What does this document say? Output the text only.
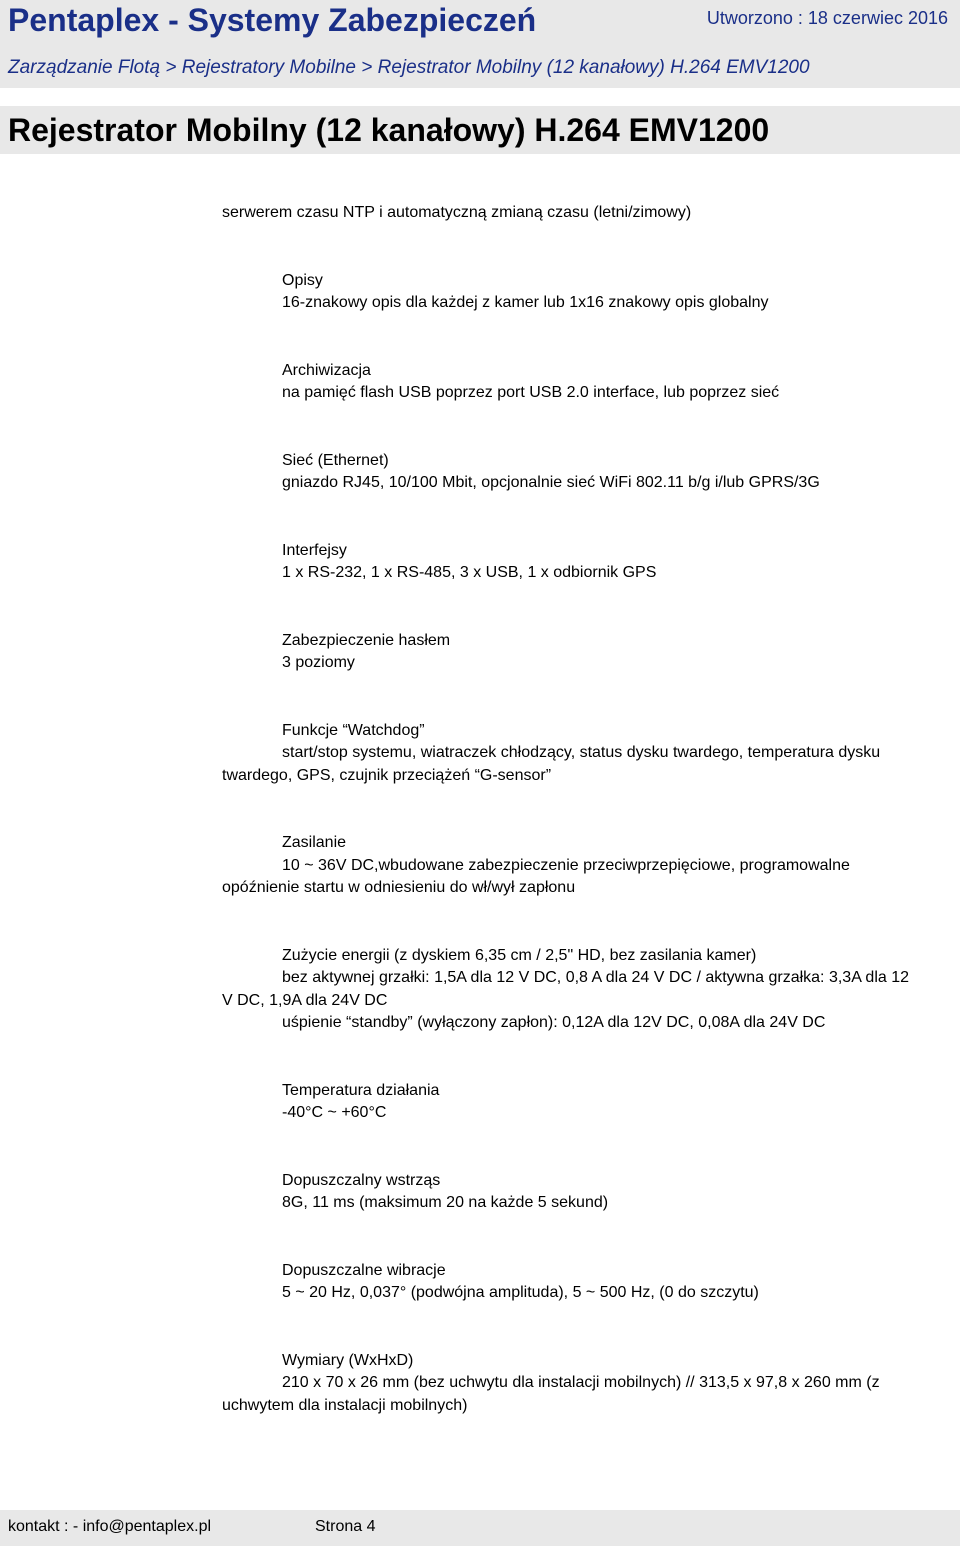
Pentaplex - Systemy Zabezpieczeń	Utworzono : 18 czerwiec 2016
Zarządzanie Flotą > Rejestratory Mobilne > Rejestrator Mobilny (12 kanałowy) H.264 EMV1200
Rejestrator Mobilny (12 kanałowy) H.264 EMV1200
serwerem czasu NTP i automatyczną zmianą czasu (letni/zimowy)
Opisy
16-znakowy opis dla każdej z kamer lub 1x16 znakowy opis globalny
Archiwizacja
na pamięć flash USB poprzez port USB 2.0 interface, lub poprzez sieć
Sieć (Ethernet)
gniazdo RJ45, 10/100 Mbit, opcjonalnie sieć WiFi 802.11 b/g i/lub GPRS/3G
Interfejsy
1 x RS-232, 1 x RS-485, 3 x USB, 1 x odbiornik GPS
Zabezpieczenie hasłem
3 poziomy
Funkcje “Watchdog”
start/stop systemu, wiatraczek chłodzący, status dysku twardego, temperatura dysku twardego, GPS, czujnik przeciążeń “G-sensor”
Zasilanie
10 ~ 36V DC,wbudowane zabezpieczenie przeciwprzepięciowe, programowalne opóźnienie startu w odniesieniu do wł/wył zapłonu
Zużycie energii (z dyskiem 6,35 cm / 2,5" HD, bez zasilania kamer)
bez aktywnej grzałki: 1,5A dla 12 V DC, 0,8 A dla 24 V DC / aktywna grzałka: 3,3A dla 12 V DC, 1,9A dla 24V DC
uśpienie “standby” (wyłączony zapłon): 0,12A dla 12V DC, 0,08A dla 24V DC
Temperatura działania
-40°C ~ +60°C
Dopuszczalny wstrząs
8G, 11 ms (maksimum 20 na każde 5 sekund)
Dopuszczalne wibracje
5 ~ 20 Hz, 0,037° (podwójna amplituda), 5 ~ 500 Hz, (0 do szczytu)
Wymiary (WxHxD)
210 x 70 x 26 mm (bez uchwytu dla instalacji mobilnych) // 313,5 x 97,8 x 260 mm (z uchwytem dla instalacji mobilnych)
kontakt : - info@pentaplex.pl	Strona 4
